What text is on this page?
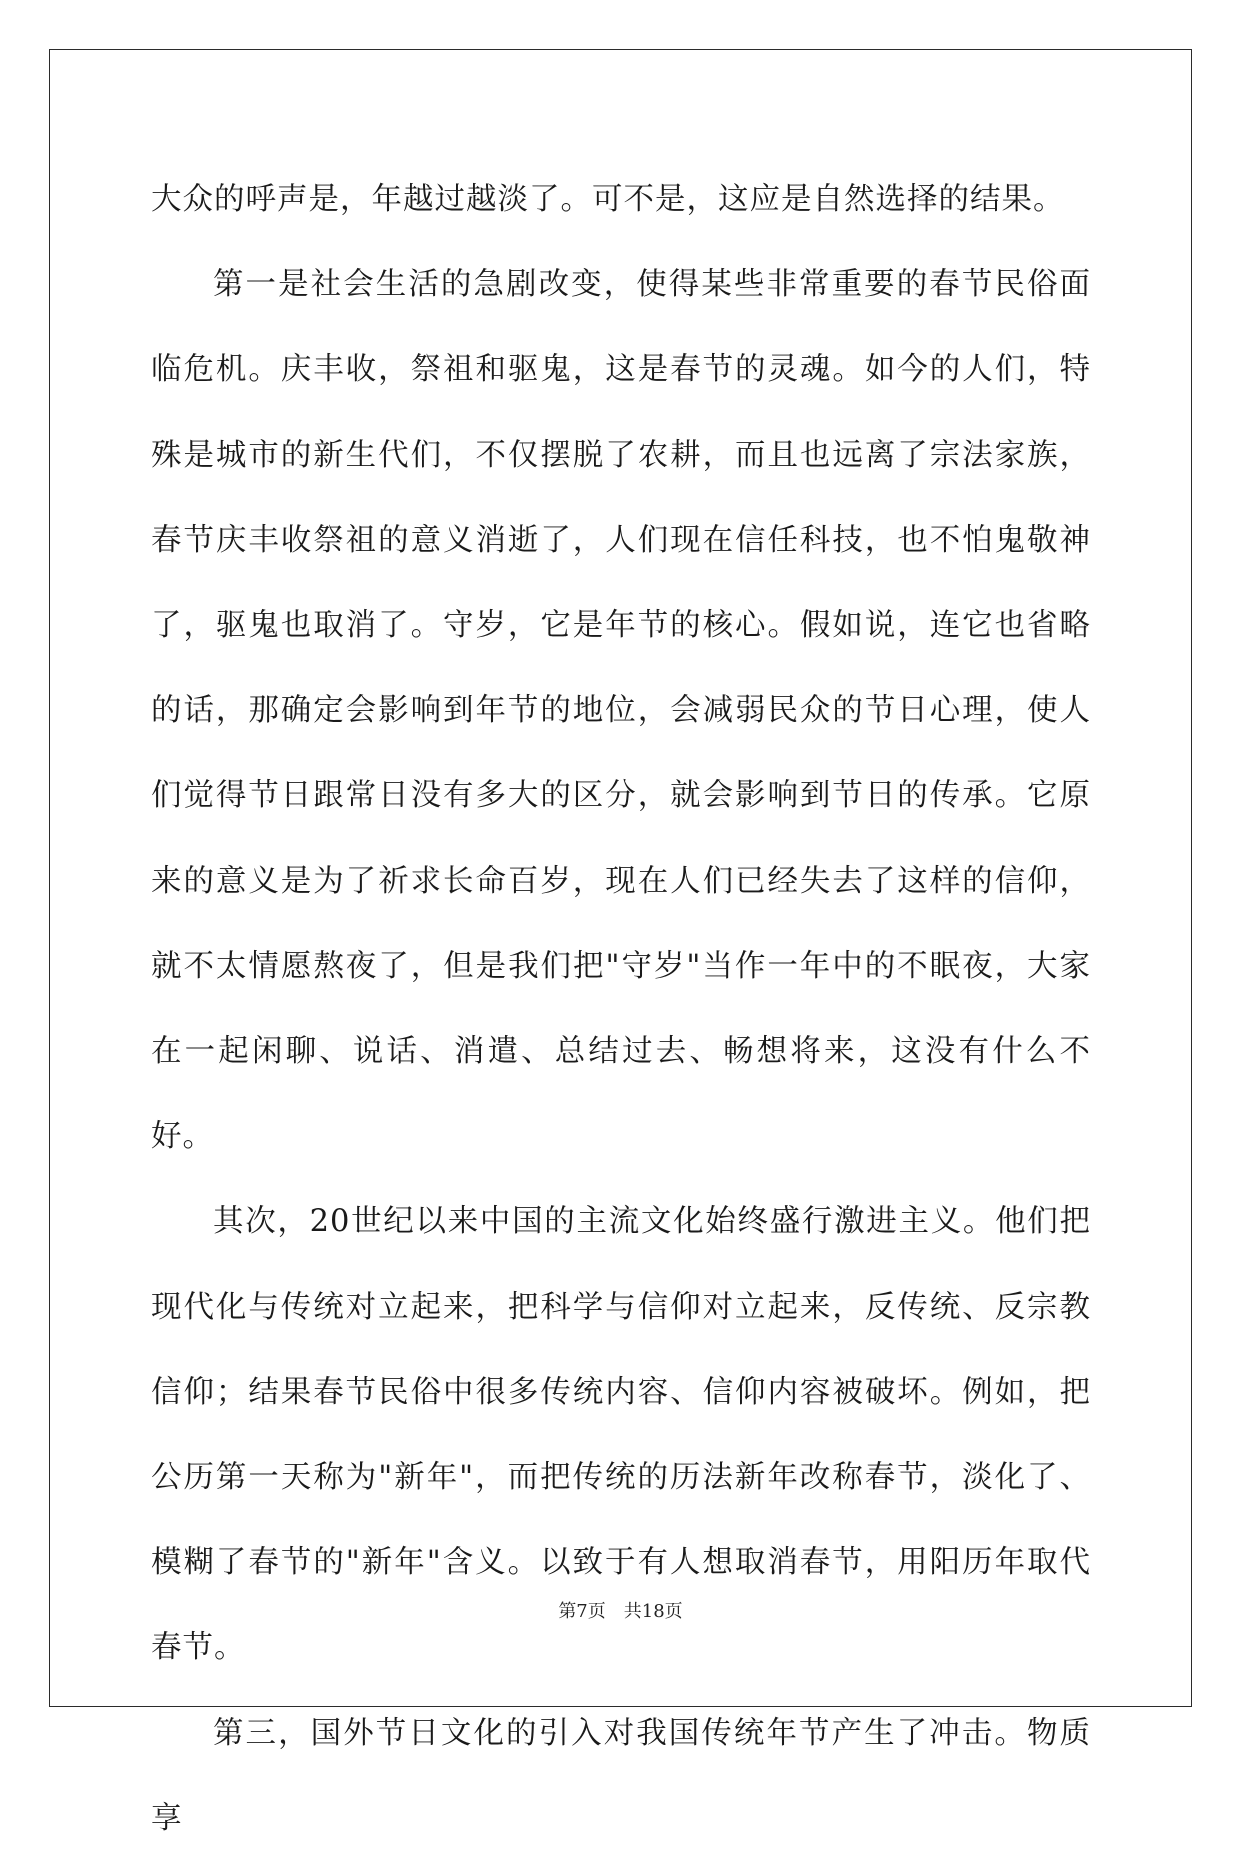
大众的呼声是，年越过越淡了。可不是，这应是自然选择的结果。

第一是社会生活的急剧改变，使得某些非常重要的春节民俗面临危机。庆丰收，祭祖和驱鬼，这是春节的灵魂。如今的人们，特殊是城市的新生代们，不仅摆脱了农耕，而且也远离了宗法家族，春节庆丰收祭祖的意义消逝了，人们现在信任科技，也不怕鬼敬神了，驱鬼也取消了。守岁，它是年节的核心。假如说，连它也省略的话，那确定会影响到年节的地位，会减弱民众的节日心理，使人们觉得节日跟常日没有多大的区分，就会影响到节日的传承。它原来的意义是为了祈求长命百岁，现在人们已经失去了这样的信仰，就不太情愿熬夜了，但是我们把"守岁"当作一年中的不眠夜，大家在一起闲聊、说话、消遣、总结过去、畅想将来，这没有什么不好。

其次，20世纪以来中国的主流文化始终盛行激进主义。他们把现代化与传统对立起来，把科学与信仰对立起来，反传统、反宗教信仰；结果春节民俗中很多传统内容、信仰内容被破坏。例如，把公历第一天称为"新年"，而把传统的历法新年改称春节，淡化了、模糊了春节的"新年"含义。以致于有人想取消春节，用阳历年取代春节。

第三，国外节日文化的引入对我国传统年节产生了冲击。物质享

第7页 共18页
